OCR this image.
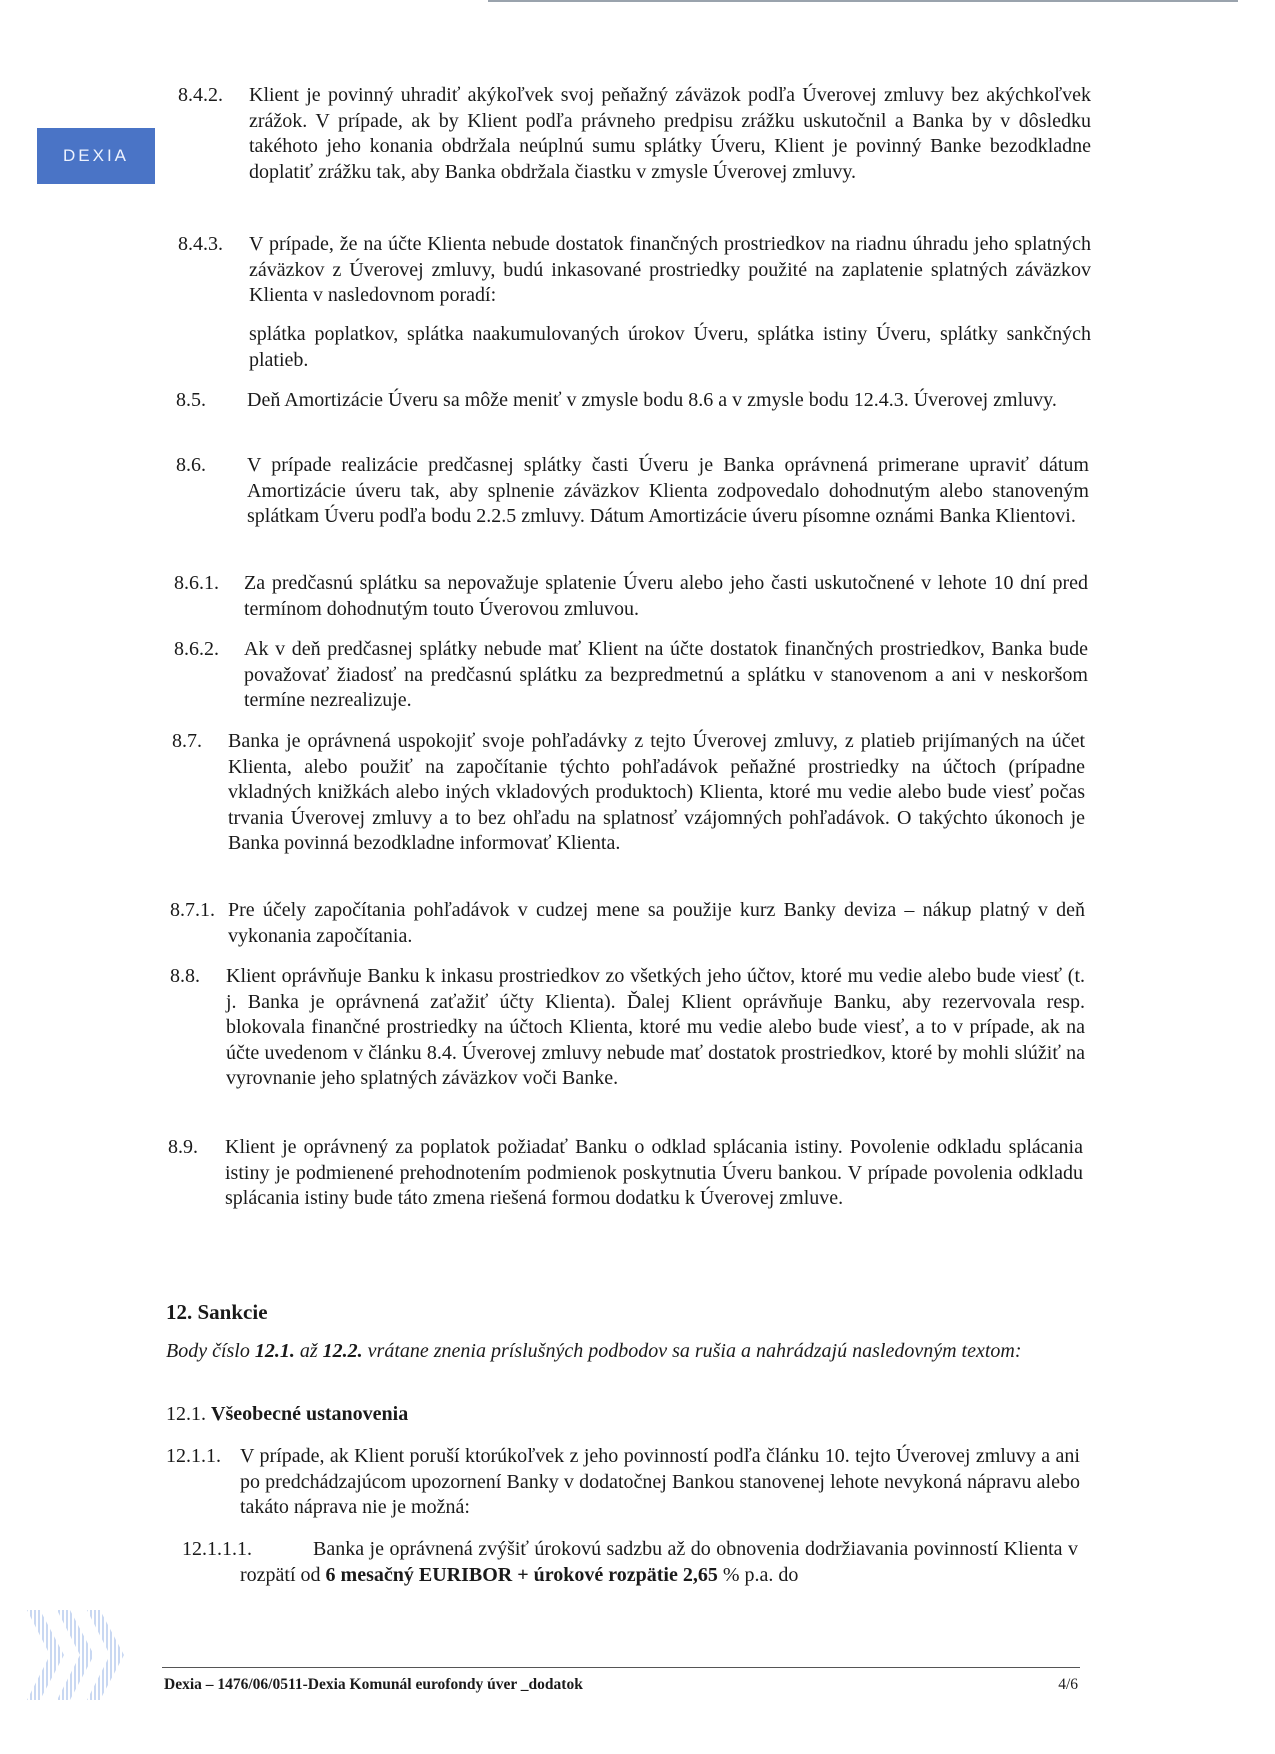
DEXIA
8.4.2. Klient je povinný uhradiť akýkoľvek svoj peňažný záväzok podľa Úverovej zmluvy bez akýchkoľvek zrážok. V prípade, ak by Klient podľa právneho predpisu zrážku uskutočnil a Banka by v dôsledku takéhoto jeho konania obdržala neúplnú sumu splátky Úveru, Klient je povinný Banke bezodkladne doplatiť zrážku tak, aby Banka obdržala čiastku v zmysle Úverovej zmluvy.
8.4.3. V prípade, že na účte Klienta nebude dostatok finančných prostriedkov na riadnu úhradu jeho splatných záväzkov z Úverovej zmluvy, budú inkasované prostriedky použité na zaplatenie splatných záväzkov Klienta v nasledovnom poradí:
splátka poplatkov, splátka naakumulovaných úrokov Úveru, splátka istiny Úveru, splátky sankčných platieb.
8.5. Deň Amortizácie Úveru sa môže meniť v zmysle bodu 8.6 a v zmysle bodu 12.4.3. Úverovej zmluvy.
8.6. V prípade realizácie predčasnej splátky časti Úveru je Banka oprávnená primerane upraviť dátum Amortizácie úveru tak, aby splnenie záväzkov Klienta zodpovedalo dohodnutým alebo stanoveným splátkam Úveru podľa bodu 2.2.5 zmluvy. Dátum Amortizácie úveru písomne oznámi Banka Klientovi.
8.6.1. Za predčasnú splátku sa nepovažuje splatenie Úveru alebo jeho časti uskutočnené v lehote 10 dní pred termínom dohodnutým touto Úverovou zmluvou.
8.6.2. Ak v deň predčasnej splátky nebude mať Klient na účte dostatok finančných prostriedkov, Banka bude považovať žiadosť na predčasnú splátku za bezpredmetnú a splátku v stanovenom a ani v neskoršom termíne nezrealizuje.
8.7. Banka je oprávnená uspokojiť svoje pohľadávky z tejto Úverovej zmluvy, z platieb prijímaných na účet Klienta, alebo použiť na započítanie týchto pohľadávok peňažné prostriedky na účtoch (prípadne vkladných knižkách alebo iných vkladových produktoch) Klienta, ktoré mu vedie alebo bude viesť počas trvania Úverovej zmluvy a to bez ohľadu na splatnosť vzájomných pohľadávok. O takýchto úkonoch je Banka povinná bezodkladne informovať Klienta.
8.7.1. Pre účely započítania pohľadávok v cudzej mene sa použije kurz Banky deviza – nákup platný v deň vykonania započítania.
8.8. Klient oprávňuje Banku k inkasu prostriedkov zo všetkých jeho účtov, ktoré mu vedie alebo bude viesť (t. j. Banka je oprávnená zaťažiť účty Klienta). Ďalej Klient oprávňuje Banku, aby rezervovala resp. blokovala finančné prostriedky na účtoch Klienta, ktoré mu vedie alebo bude viesť, a to v prípade, ak na účte uvedenom v článku 8.4. Úverovej zmluvy nebude mať dostatok prostriedkov, ktoré by mohli slúžiť na vyrovnanie jeho splatných záväzkov voči Banke.
8.9. Klient je oprávnený za poplatok požiadať Banku o odklad splácania istiny. Povolenie odkladu splácania istiny je podmienené prehodnotením podmienok poskytnutia Úveru bankou. V prípade povolenia odkladu splácania istiny bude táto zmena riešená formou dodatku k Úverovej zmluve.
12. Sankcie
Body číslo 12.1. až 12.2. vrátane znenia príslušných podbodov sa rušia a nahrádzajú nasledovným textom:
12.1. Všeobecné ustanovenia
12.1.1. V prípade, ak Klient poruší ktorúkoľvek z jeho povinností podľa článku 10. tejto Úverovej zmluvy a ani po predchádzajúcom upozornení Banky v dodatočnej Bankou stanovenej lehote nevykoná nápravu alebo takáto náprava nie je možná:
12.1.1.1.	Banka je oprávnená zvýšiť úrokovú sadzbu až do obnovenia dodržiavania povinností Klienta v rozpätí od 6 mesačný EURIBOR + úrokové rozpätie 2,65 % p.a. do
Dexia – 1476/06/0511-Dexia Komunál eurofondy úver _dodatok	4/6
